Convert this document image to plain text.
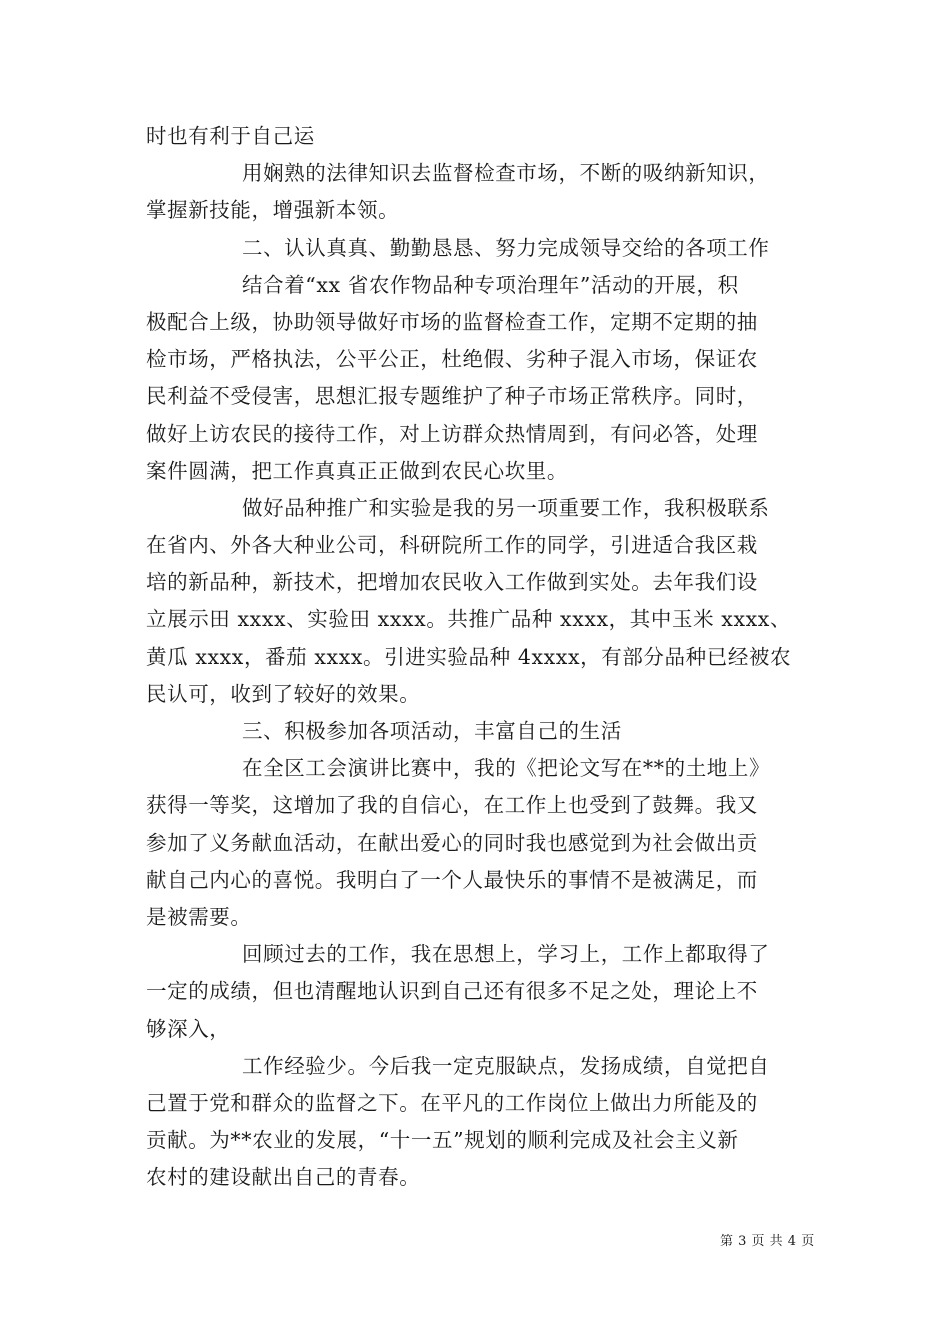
时也有利于自己运

用娴熟的法律知识去监督检查市场，不断的吸纳新知识，
掌握新技能，增强新本领。

二、认认真真、勤勤恳恳、努力完成领导交给的各项工作

结合着“xx 省农作物品种专项治理年”活动的开展，积
极配合上级，协助领导做好市场的监督检查工作，定期不定期的抽
检市场，严格执法，公平公正，杜绝假、劣种子混入市场，保证农
民利益不受侵害，思想汇报专题维护了种子市场正常秩序。同时，
做好上访农民的接待工作，对上访群众热情周到，有问必答，处理
案件圆满，把工作真真正正做到农民心坎里。

做好品种推广和实验是我的另一项重要工作，我积极联系
在省内、外各大种业公司，科研院所工作的同学，引进适合我区栽
培的新品种，新技术，把增加农民收入工作做到实处。去年我们设
立展示田 xxxx、实验田 xxxx。共推广品种 xxxx，其中玉米 xxxx、
黄瓜 xxxx，番茄 xxxx。引进实验品种 4xxxx，有部分品种已经被农
民认可，收到了较好的效果。

三、积极参加各项活动，丰富自己的生活

在全区工会演讲比赛中，我的《把论文写在**的土地上》
获得一等奖，这增加了我的自信心，在工作上也受到了鼓舞。我又
参加了义务献血活动，在献出爱心的同时我也感觉到为社会做出贡
献自己内心的喜悦。我明白了一个人最快乐的事情不是被满足，而
是被需要。

回顾过去的工作，我在思想上，学习上，工作上都取得了
一定的成绩，但也清醒地认识到自己还有很多不足之处，理论上不
够深入，

工作经验少。今后我一定克服缺点，发扬成绩，自觉把自
己置于党和群众的监督之下。在平凡的工作岗位上做出力所能及的
贡献。为**农业的发展，“十一五”规划的顺利完成及社会主义新
农村的建设献出自己的青春。

第 3 页 共 4 页
